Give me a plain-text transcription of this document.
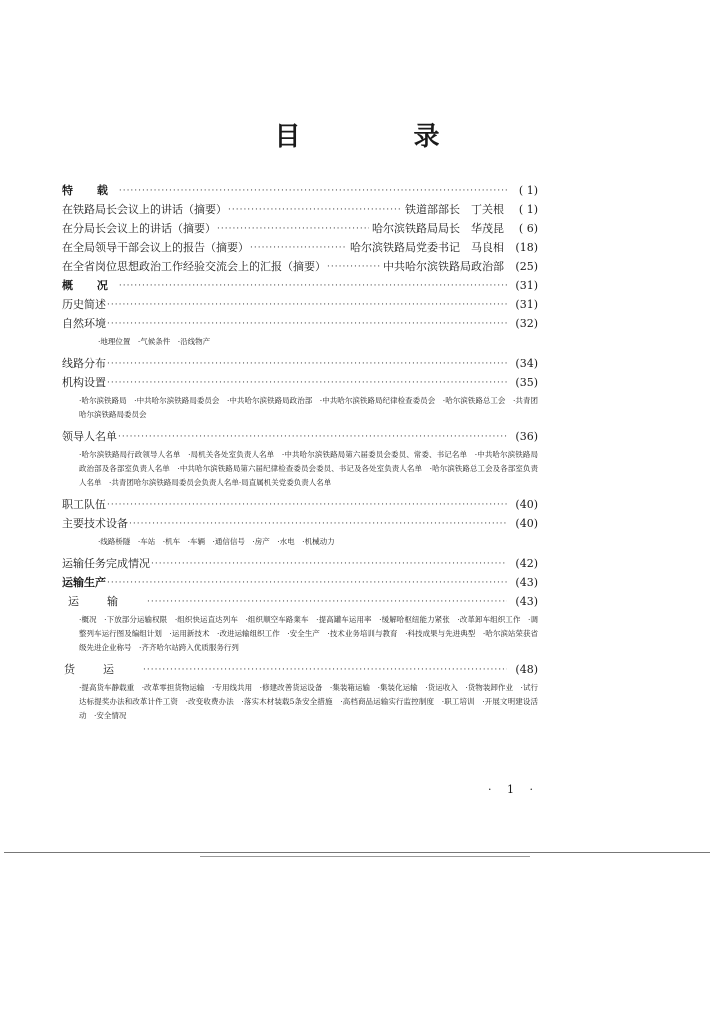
目 录
特 载 ·····	( 1)
在铁路局长会议上的讲话（摘要） ·····	铁道部部长　丁关根	( 1)
在分局长会议上的讲话（摘要） ·····	哈尔滨铁路局局长　华茂昆	( 6)
在全局领导干部会议上的报告（摘要） ·····	哈尔滨铁路局党委书记　马良相	(18)
在全省岗位思想政治工作经验交流会上的汇报（摘要） ·····	中共哈尔滨铁路局政治部	(25)
概 况 ·····	(31)
历史简述 ·····	(31)
自然环境 ·····	(32)
·地理位置　·气候条件　·沿线物产
线路分布 ·····	(34)
机构设置 ·····	(35)
·哈尔滨铁路局　·中共哈尔滨铁路局委员会　·中共哈尔滨铁路局政治部　·中共哈尔滨铁路局纪律检查委员会　·哈尔滨铁路总工会　·共青团哈尔滨铁路局委员会
领导人名单 ·····	(36)
·哈尔滨铁路局行政领导人名单　·局机关各处室负责人名单　·中共哈尔滨铁路局第六届委员会委员、常委、书记名单　·中共哈尔滨铁路局政治部及各部室负责人名单　·中共哈尔滨铁路局第六届纪律检查委员会委员、书记及各处室负责人名单　·哈尔滨铁路总工会及各部室负责人名单　·共青团哈尔滨铁路局委员会负责人名单·局直属机关党委负责人名单
职工队伍 ·····	(40)
主要技术设备 ·····	(40)
·线路桥隧　·车站　·机车　·车辆　·通信信号　·房产　·水电　·机械动力
运输任务完成情况 ·····	(42)
运输生产 ·····	(43)
运输 ·····	(43)
·概况　·下放部分运输权限　·组织快运直达列车　·组织顺空车路業车　·提高罐车运用率　·缓解哈枢纽能力紧张　·改革卸车组织工作　·调整列车运行图及编组计划　·运用新技术　·改进运输组织工作　·安全生产　·技术业务培训与教育　·科技成果与先进典型　·哈尔滨站荣获省级先进企业称号　·齐齐哈尔站跨入优质服务行列
货运 ·····	(48)
·提高货车静载重　·改革零担货物运输　·专用线共用　·修建改善货运设备　·集装箱运输　·集装化运输　·货运收入　·货物装卸作业　·试行达标提奖办法和改革计件工资　·改变收费办法　·落实木材装载5条安全措施　·高档商品运输实行监控制度　·职工培训　·开展文明建设活动　·安全情况
· 1 ·
